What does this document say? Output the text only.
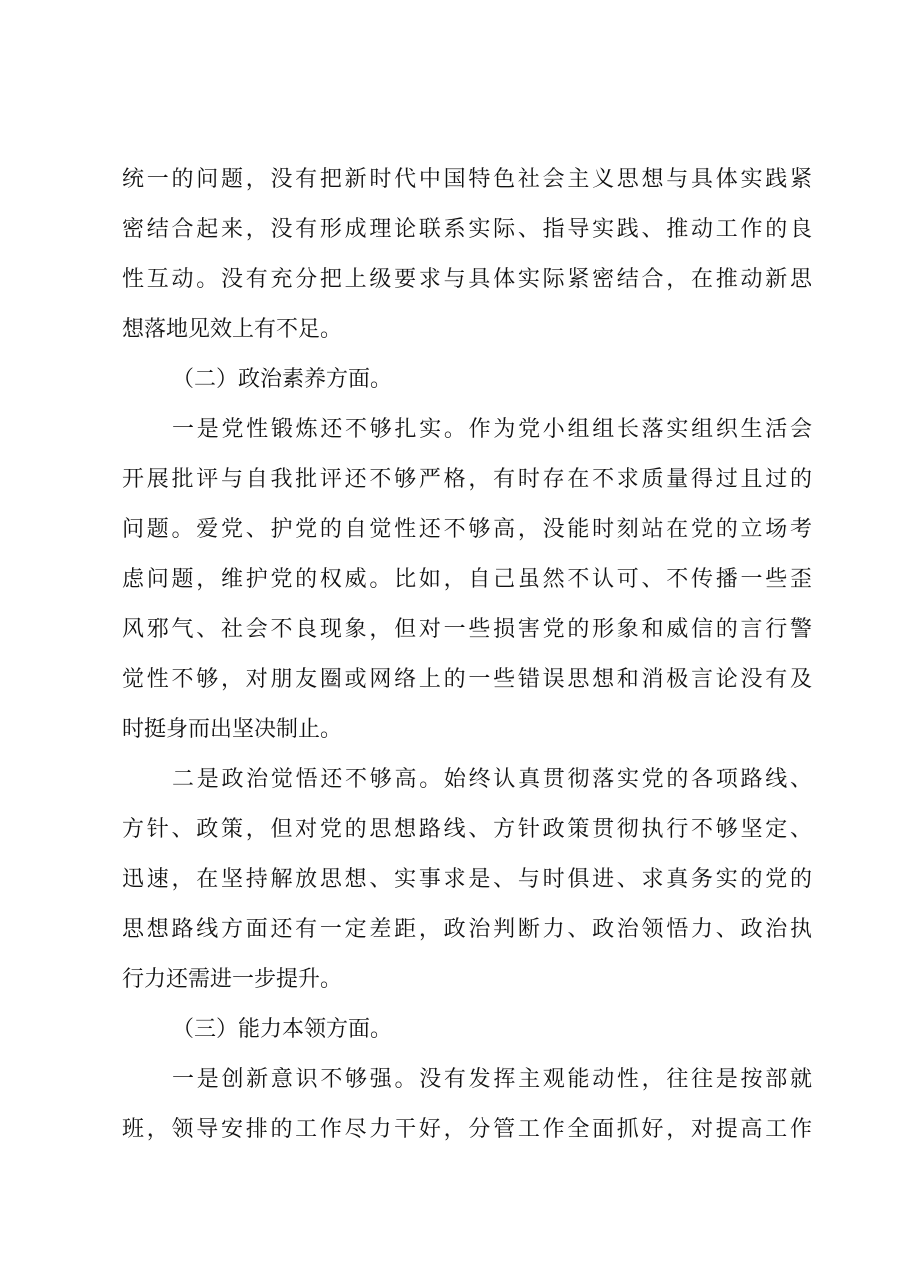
统一的问题，没有把新时代中国特色社会主义思想与具体实践紧
密结合起来，没有形成理论联系实际、指导实践、推动工作的良
性互动。没有充分把上级要求与具体实际紧密结合，在推动新思
想落地见效上有不足。
（二）政治素养方面。
一是党性锻炼还不够扎实。作为党小组组长落实组织生活会
开展批评与自我批评还不够严格，有时存在不求质量得过且过的
问题。爱党、护党的自觉性还不够高，没能时刻站在党的立场考
虑问题，维护党的权威。比如，自己虽然不认可、不传播一些歪
风邪气、社会不良现象，但对一些损害党的形象和威信的言行警
觉性不够，对朋友圈或网络上的一些错误思想和消极言论没有及
时挺身而出坚决制止。
二是政治觉悟还不够高。始终认真贯彻落实党的各项路线、
方针、政策，但对党的思想路线、方针政策贯彻执行不够坚定、
迅速，在坚持解放思想、实事求是、与时俱进、求真务实的党的
思想路线方面还有一定差距，政治判断力、政治领悟力、政治执
行力还需进一步提升。
（三）能力本领方面。
一是创新意识不够强。没有发挥主观能动性，往往是按部就
班，领导安排的工作尽力干好，分管工作全面抓好，对提高工作
